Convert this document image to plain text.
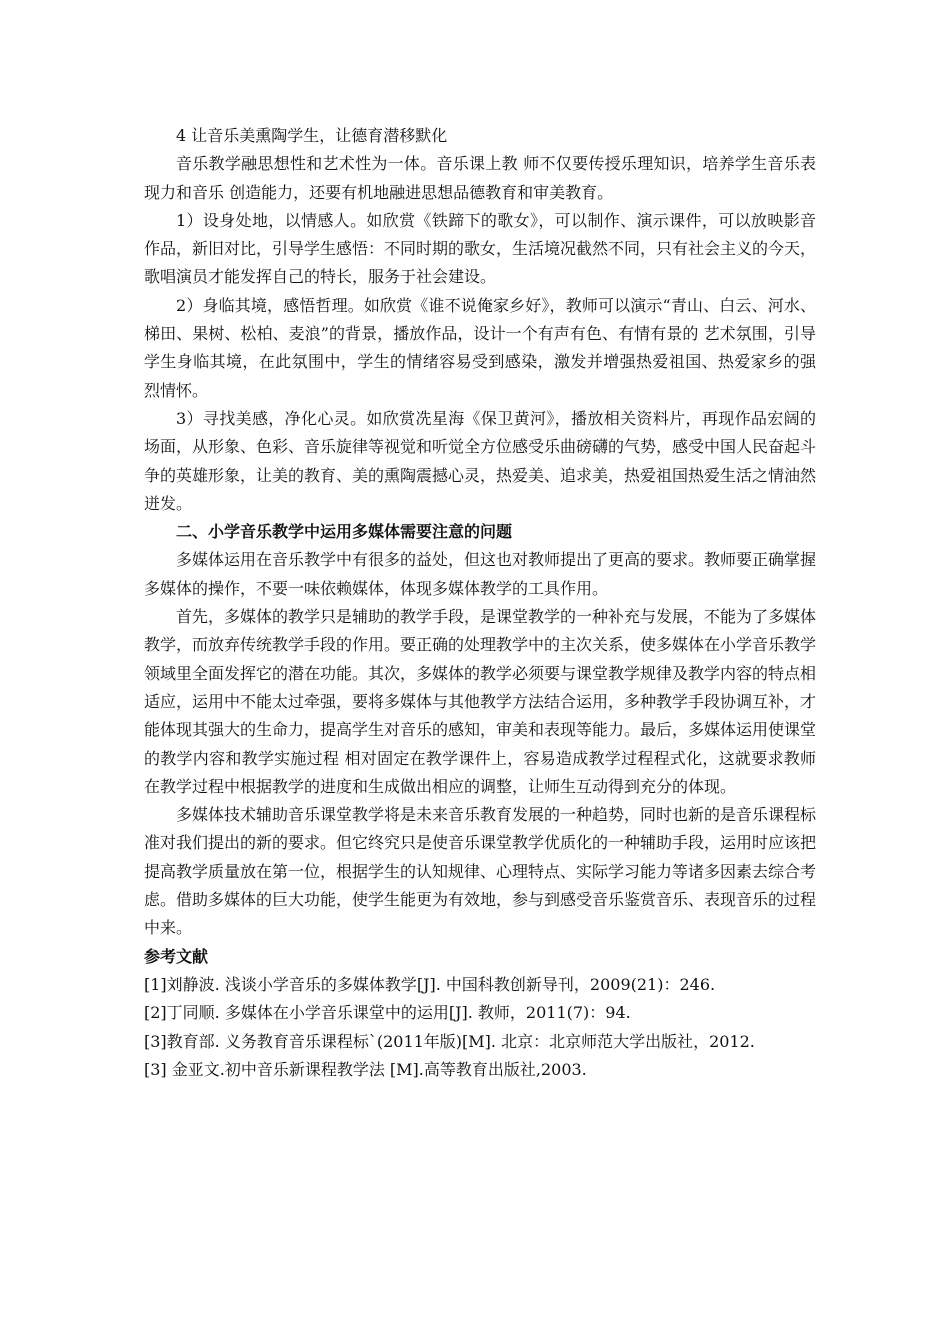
4 让音乐美熏陶学生，让德育潜移默化

音乐教学融思想性和艺术性为一体。音乐课上教 师不仅要传授乐理知识，培养学生音乐表现力和音乐 创造能力，还要有机地融进思想品德教育和审美教育。

1）设身处地，以情感人。如欣赏《铁蹄下的歌女》，可以制作、演示课件，可以放映影音作品，新旧对比，引导学生感悟：不同时期的歌女，生活境况截然不同，只有社会主义的今天，歌唱演员才能发挥自己的特长，服务于社会建设。

2）身临其境，感悟哲理。如欣赏《谁不说俺家乡好》，教师可以演示“青山、白云、河水、梯田、果树、松柏、麦浪”的背景，播放作品，设计一个有声有色、有情有景的 艺术氛围，引导学生身临其境，在此氛围中，学生的情绪容易受到感染，激发并增强热爱祖国、热爱家乡的强 烈情怀。

3）寻找美感，净化心灵。如欣赏冼星海《保卫黄河》，播放相关资料片，再现作品宏阔的场面，从形象、色彩、音乐旋律等视觉和听觉全方位感受乐曲磅礴的气势，感受中国人民奋起斗争的英雄形象，让美的教育、美的熏陶震撼心灵，热爱美、追求美，热爱祖国热爱生活之情油然迸发。

二、小学音乐教学中运用多媒体需要注意的问题

多媒体运用在音乐教学中有很多的益处，但这也对教师提出了更高的要求。教师要正确掌握多媒体的操作，不要一味依赖媒体，体现多媒体教学的工具作用。

首先，多媒体的教学只是辅助的教学手段，是课堂教学的一种补充与发展，不能为了多媒体教学，而放弃传统教学手段的作用。要正确的处理教学中的主次关系，使多媒体在小学音乐教学领域里全面发挥它的潜在功能。其次，多媒体的教学必须要与课堂教学规律及教学内容的特点相适应，运用中不能太过牵强，要将多媒体与其他教学方法结合运用，多种教学手段协调互补，才能体现其强大的生命力，提高学生对音乐的感知，审美和表现等能力。最后，多媒体运用使课堂的教学内容和教学实施过程 相对固定在教学课件上，容易造成教学过程程式化，这就要求教师在教学过程中根据教学的进度和生成做出相应的调整，让师生互动得到充分的体现。

多媒体技术辅助音乐课堂教学将是未来音乐教育发展的一种趋势，同时也新的是音乐课程标准对我们提出的新的要求。但它终究只是使音乐课堂教学优质化的一种辅助手段，运用时应该把提高教学质量放在第一位，根据学生的认知规律、心理特点、实际学习能力等诸多因素去综合考虑。借助多媒体的巨大功能，使学生能更为有效地，参与到感受音乐鉴赏音乐、表现音乐的过程中来。

参考文献

[1]刘静波. 浅谈小学音乐的多媒体教学[J]. 中国科教创新导刊，2009(21)：246.

[2]丁同顺. 多媒体在小学音乐课堂中的运用[J]. 教师，2011(7)：94.

[3]教育部. 义务教育音乐课程标`(2011年版)[M]. 北京：北京师范大学出版社，2012.

[3] 金亚文.初中音乐新课程教学法 [M].高等教育出版社,2003.
